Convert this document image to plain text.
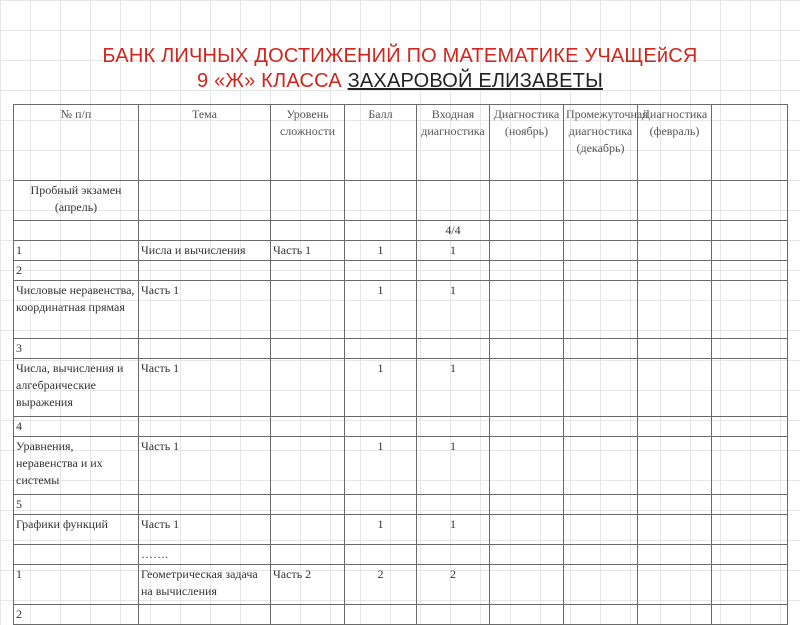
БАНК ЛИЧНЫХ ДОСТИЖЕНИЙ ПО МАТЕМАТИКЕ УЧАЩЕйСЯ
9 «Ж» КЛАССА ЗАХАРОВОЙ ЕЛИЗАВЕТЫ
№ п/п	Тема	Уровень сложности	Балл	Входная диагностика	Диагностика (ноябрь)	Промежуточная диагностика (декабрь)	Диагностика (февраль)	
Пробный экзамен (апрель)								
				4/4				
1	Числа и вычисления	Часть 1	1	1				
2								
Числовые неравенства, координатная прямая	Часть 1		1	1				
3								
Числа, вычисления и алгебраические выражения	Часть 1		1	1				
4								
Уравнения, неравенства и их системы	Часть 1		1	1				
5								
Графики функций	Часть 1		1	1				
	…….							
1	Геометрическая задача на вычисления	Часть 2	2	2				
2								
